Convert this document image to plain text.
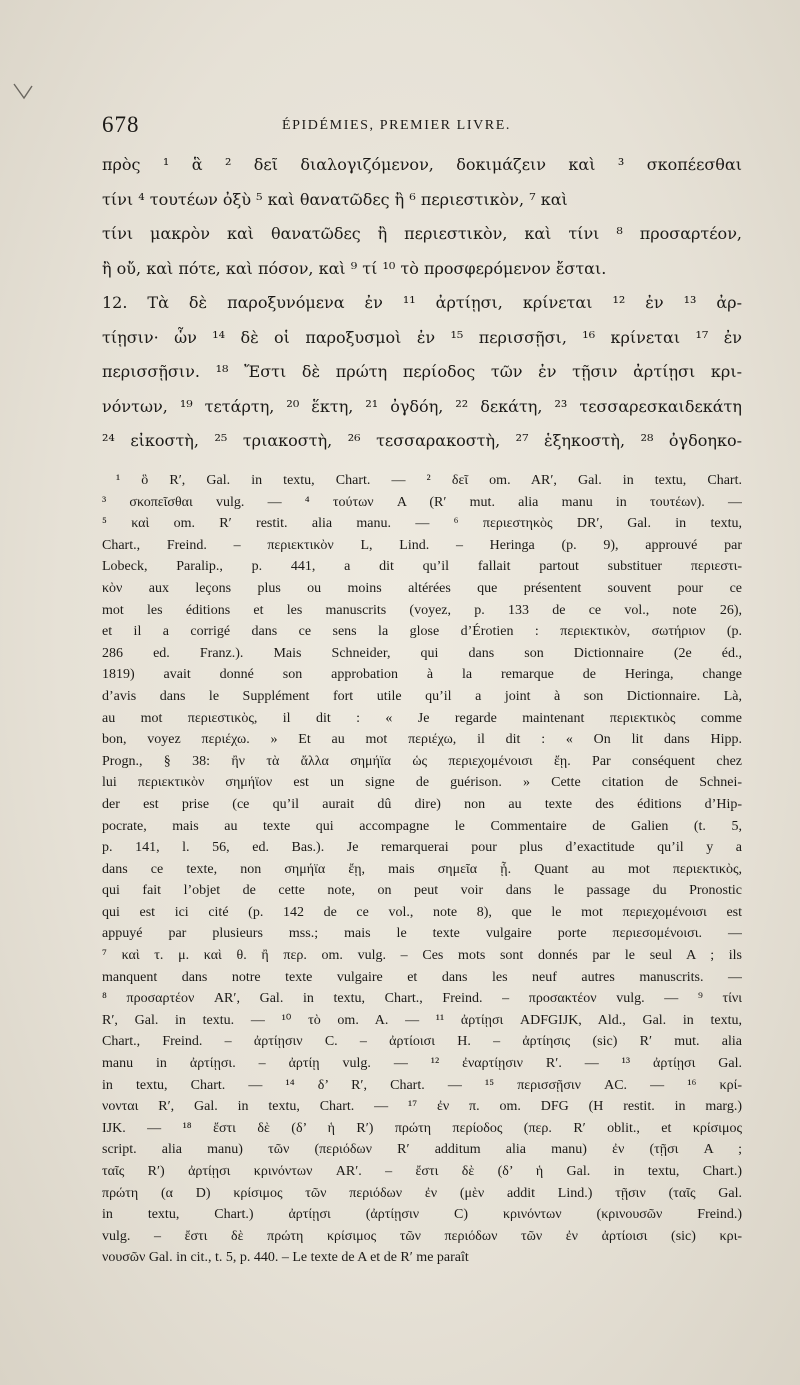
678	ÉPIDÉMIES, PREMIER LIVRE.
πρὸς ¹ ἃ ² δεῖ διαλογιζόμενον, δοκιμάζειν καὶ ³ σκοπέεσθαι
τίνι ⁴ τουτέων ὀξὺ ⁵ καὶ θανατῶδες ἢ ⁶ περιεστικὸν, ⁷ καὶ
τίνι μακρὸν καὶ θανατῶδες ἢ περιεστικὸν, καὶ τίνι ⁸ προσαρτέον,
ἢ οὔ, καὶ πότε, καὶ πόσον, καὶ ⁹ τί ¹⁰ τὸ προσφερόμενον ἔσται.
12. Τὰ δὲ παροξυνόμενα ἐν ¹¹ ἀρτίῃσι, κρίνεται ¹² ἐν ¹³ ἀρ-
τίῃσιν· ὧν ¹⁴ δὲ οἱ παροξυσμοὶ ἐν ¹⁵ περισσῇσι, ¹⁶ κρίνεται ¹⁷ ἐν
περισσῇσιν. ¹⁸ Ἔστι δὲ πρώτη περίοδος τῶν ἐν τῇσιν ἀρτίῃσι κρι-
νόντων, ¹⁹ τετάρτη, ²⁰ ἕκτη, ²¹ ὀγδόη, ²² δεκάτη, ²³ τεσσαρεσκαιδεκάτη
²⁴ εἰκοστὴ, ²⁵ τριακοστὴ, ²⁶ τεσσαρακοστὴ, ²⁷ ἑξηκοστὴ, ²⁸ ὀγδοηκο-
¹ ὃ R′, Gal. in textu, Chart. — ² δεῖ om. AR′, Gal. in textu, Chart.
³ σκοπεῖσθαι vulg. — ⁴ τούτων A (R′ mut. alia manu in τουτέων). —
⁵ καὶ om. R′ restit. alia manu. — ⁶ περιεστηκὸς DR′, Gal. in textu,
Chart., Freind. – περιεκτικὸν L, Lind. – Heringa (p. 9), approuvé par
Lobeck, Paralip., p. 441, a dit qu’il fallait partout substituer περιεστι-
κὸν aux leçons plus ou moins altérées que présentent souvent pour ce
mot les éditions et les manuscrits (voyez, p. 133 de ce vol., note 26),
et il a corrigé dans ce sens la glose d’Érotien : περιεκτικὸν, σωτήριον (p.
286 ed. Franz.). Mais Schneider, qui dans son Dictionnaire (2e éd.,
1819) avait donné son approbation à la remarque de Heringa, change
d’avis dans le Supplément fort utile qu’il a joint à son Dictionnaire. Là,
au mot περιεστικὸς, il dit : « Je regarde maintenant περιεκτικὸς comme
bon, voyez περιέχω. » Et au mot περιέχω, il dit : « On lit dans Hipp.
Progn., § 38: ἢν τὰ ἄλλα σημήϊα ὡς περιεχομένοισι ἔῃ. Par conséquent chez
lui περιεκτικὸν σημήϊον est un signe de guérison. » Cette citation de Schnei-
der est prise (ce qu’il aurait dû dire) non au texte des éditions d’Hip-
pocrate, mais au texte qui accompagne le Commentaire de Galien (t. 5,
p. 141, l. 56, ed. Bas.). Je remarquerai pour plus d’exactitude qu’il y a
dans ce texte, non σημήϊα ἔῃ, mais σημεῖα ᾖ. Quant au mot περιεκτικὸς,
qui fait l’objet de cette note, on peut voir dans le passage du Pronostic
qui est ici cité (p. 142 de ce vol., note 8), que le mot περιεχομένοισι est
appuyé par plusieurs mss.; mais le texte vulgaire porte περιεσομένοισι. —
⁷ καὶ τ. μ. καὶ θ. ἢ περ. om. vulg. – Ces mots sont donnés par le seul A ; ils
manquent dans notre texte vulgaire et dans les neuf autres manuscrits. —
⁸ προσαρτέον AR′, Gal. in textu, Chart., Freind. – προσακτέον vulg. — ⁹ τίνι
R′, Gal. in textu. — ¹⁰ τὸ om. A. — ¹¹ ἀρτίῃσι ADFGIJK, Ald., Gal. in textu,
Chart., Freind. – ἀρτίῃσιν C. – ἀρτίοισι H. – ἀρτίησις (sic) R′ mut. alia
manu in ἀρτίῃσι. – ἀρτίῃ vulg. — ¹² ἐναρτίῃσιν R′. — ¹³ ἀρτίῃσι Gal.
in textu, Chart. — ¹⁴ δ’ R′, Chart. — ¹⁵ περισσῇσιν AC. — ¹⁶ κρί-
νονται R′, Gal. in textu, Chart. — ¹⁷ ἐν π. om. DFG (H restit. in marg.)
IJK. — ¹⁸ ἔστι δὲ (δ’ ἡ R′) πρώτη περίοδος (περ. R′ oblit., et κρίσιμος
script. alia manu) τῶν (περιόδων R′ additum alia manu) ἐν (τῇσι A ;
ταῖς R′) ἀρτίῃσι κρινόντων AR′. – ἔστι δὲ (δ’ ἡ Gal. in textu, Chart.)
πρώτη (α D) κρίσιμος τῶν περιόδων ἐν (μὲν addit Lind.) τῇσιν (ταῖς Gal.
in textu, Chart.) ἀρτίῃσι (ἀρτίῃσιν C) κρινόντων (κρινουσῶν Freind.)
vulg. – ἔστι δὲ πρώτη κρίσιμος τῶν περιόδων τῶν ἐν ἀρτίοισι (sic) κρι-
νουσῶν Gal. in cit., t. 5, p. 440. – Le texte de A et de R′ me paraît
